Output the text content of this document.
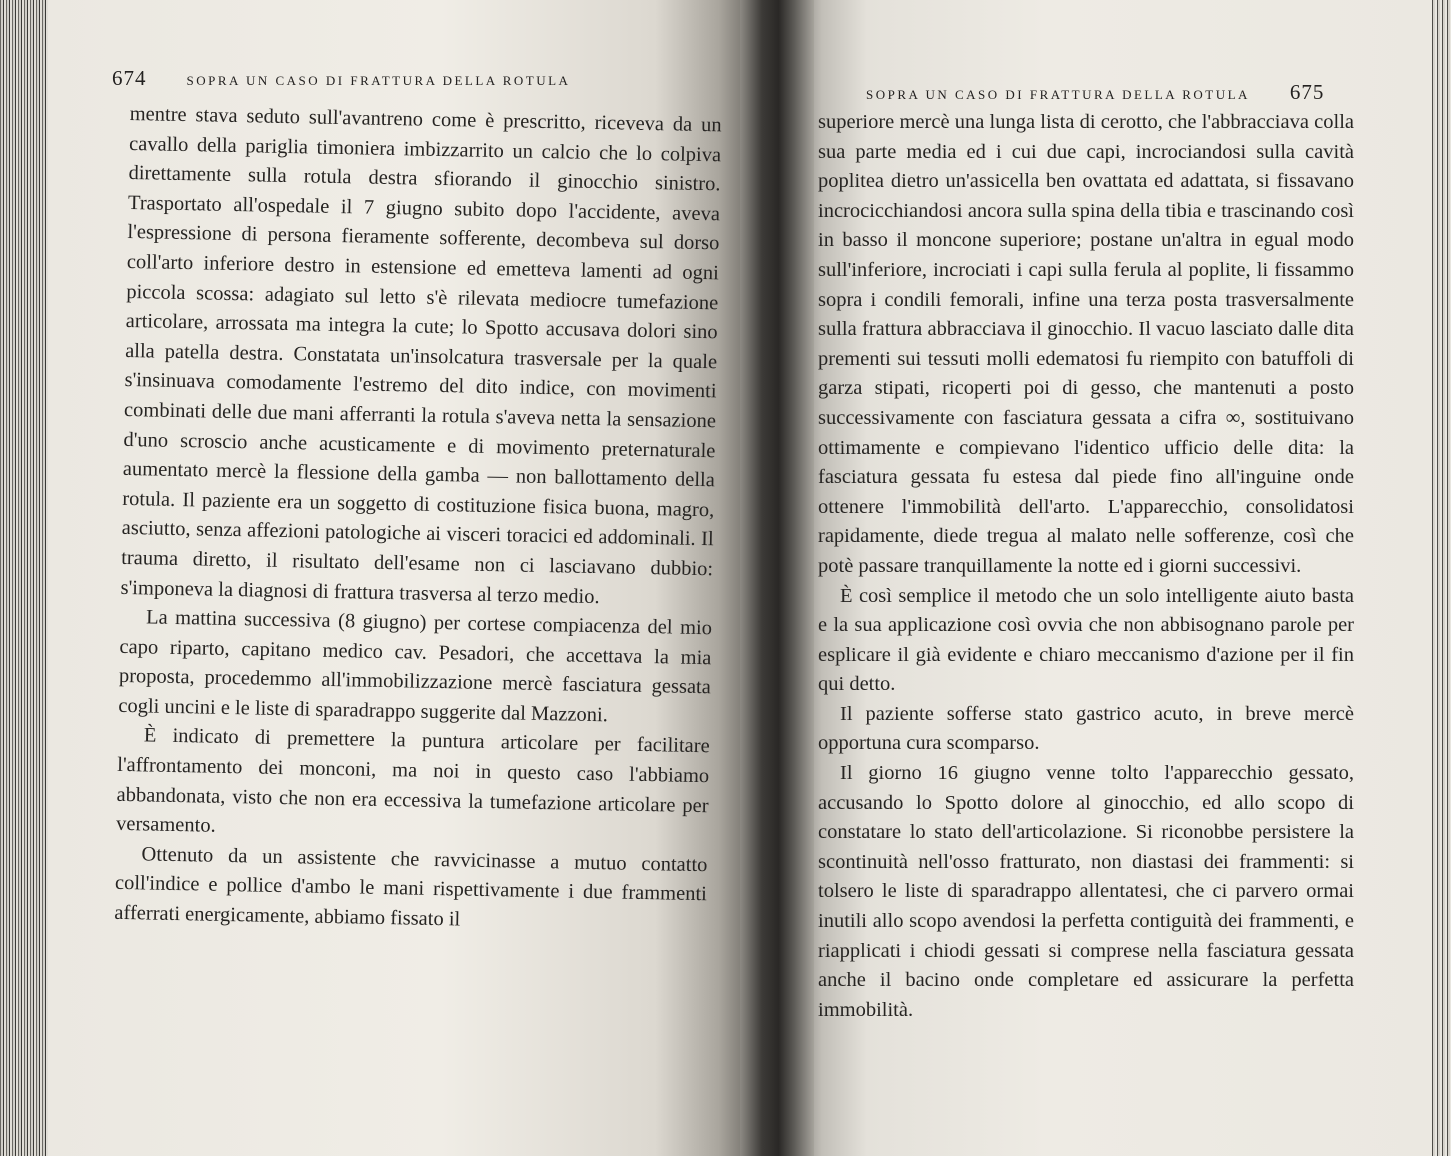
674	SOPRA UN CASO DI FRATTURA DELLA ROTULA
SOPRA UN CASO DI FRATTURA DELLA ROTULA 675

mentre stava seduto sull'avantreno come è prescritto, riceveva da un cavallo della pariglia timoniera imbizzarrito un calcio che lo colpiva direttamente sulla rotula destra sfiorando il ginocchio sinistro. Trasportato all'ospedale il 7 giugno subito dopo l'accidente, aveva l'espressione di persona fieramente sofferente, decombeva sul dorso coll'arto inferiore destro in estensione ed emetteva lamenti ad ogni piccola scossa: adagiato sul letto s'è rilevata mediocre tumefazione articolare, arrossata ma integra la cute; lo Spotto accusava dolori sino alla patella destra. Constatata un'insolcatura trasversale per la quale s'insinuava comodamente l'estremo del dito indice, con movimenti combinati delle due mani afferranti la rotula s'aveva netta la sensazione d'uno scroscio anche acusticamente e di movimento preternaturale aumentato mercè la flessione della gamba — non ballottamento della rotula. Il paziente era un soggetto di costituzione fisica buona, magro, asciutto, senza affezioni patologiche ai visceri toracici ed addominali. Il trauma diretto, il risultato dell'esame non ci lasciavano dubbio: s'imponeva la diagnosi di frattura trasversa al terzo medio.

La mattina successiva (8 giugno) per cortese compiacenza del mio capo riparto, capitano medico cav. Pesadori, che accettava la mia proposta, procedemmo all'immobilizzazione mercè fasciatura gessata cogli uncini e le liste di sparadrappo suggerite dal Mazzoni.

È indicato di premettere la puntura articolare per facilitare l'affrontamento dei monconi, ma noi in questo caso l'abbiamo abbandonata, visto che non era eccessiva la tumefazione articolare per versamento.

Ottenuto da un assistente che ravvicinasse a mutuo contatto coll'indice e pollice d'ambo le mani rispettivamente i due frammenti afferrati energicamente, abbiamo fissato il

superiore mercè una lunga lista di cerotto, che l'abbracciava colla sua parte media ed i cui due capi, incrociandosi sulla cavità poplitea dietro un'assicella ben ovattata ed adattata, si fissavano incrocicchiandosi ancora sulla spina della tibia e trascinando così in basso il moncone superiore; postane un'altra in egual modo sull'inferiore, incrociati i capi sulla ferula al poplite, li fissammo sopra i condili femorali, infine una terza posta trasversalmente sulla frattura abbracciava il ginocchio. Il vacuo lasciato dalle dita prementi sui tessuti molli edematosi fu riempito con batuffoli di garza stipati, ricoperti poi di gesso, che mantenuti a posto successivamente con fasciatura gessata a cifra ∞, sostituivano ottimamente e compievano l'identico ufficio delle dita: la fasciatura gessata fu estesa dal piede fino all'inguine onde ottenere l'immobilità dell'arto. L'apparecchio, consolidatosi rapidamente, diede tregua al malato nelle sofferenze, così che potè passare tranquillamente la notte ed i giorni successivi.

È così semplice il metodo che un solo intelligente aiuto basta e la sua applicazione così ovvia che non abbisognano parole per esplicare il già evidente e chiaro meccanismo d'azione per il fin qui detto.

Il paziente sofferse stato gastrico acuto, in breve mercè opportuna cura scomparso.

Il giorno 16 giugno venne tolto l'apparecchio gessato, accusando lo Spotto dolore al ginocchio, ed allo scopo di constatare lo stato dell'articolazione. Si riconobbe persistere la scontinuità nell'osso fratturato, non diastasi dei frammenti: si tolsero le liste di sparadrappo allentatesi, che ci parvero ormai inutili allo scopo avendosi la perfetta contiguità dei frammenti, e riapplicati i chiodi gessati si comprese nella fasciatura gessata anche il bacino onde completare ed assicurare la perfetta immobilità.
